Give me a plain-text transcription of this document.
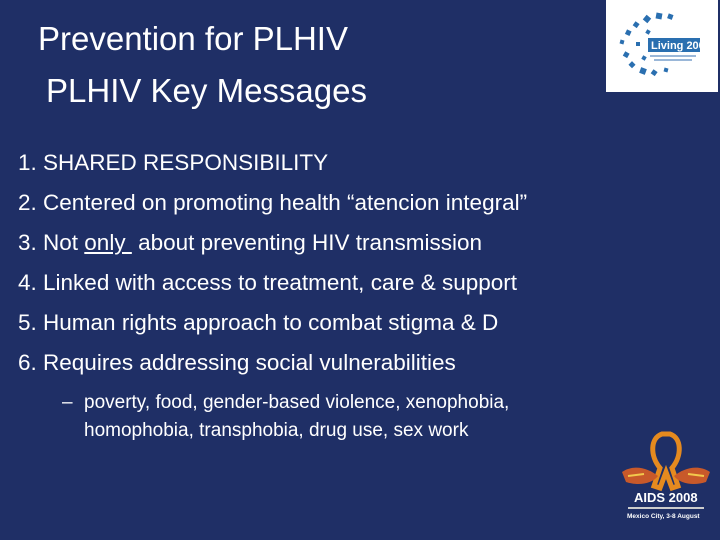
Prevention for PLHIV
PLHIV Key Messages
Living 2008
1. SHARED RESPONSIBILITY
2. Centered on promoting health “atencion integral”
3. Not only  about preventing HIV transmission
4. Linked with access to treatment, care & support
5. Human rights approach to combat stigma & D
6. Requires addressing social vulnerabilities
– poverty, food, gender-based violence, xenophobia,
homophobia, transphobia, drug use, sex work
AIDS 2008
Mexico City, 3-8 August
